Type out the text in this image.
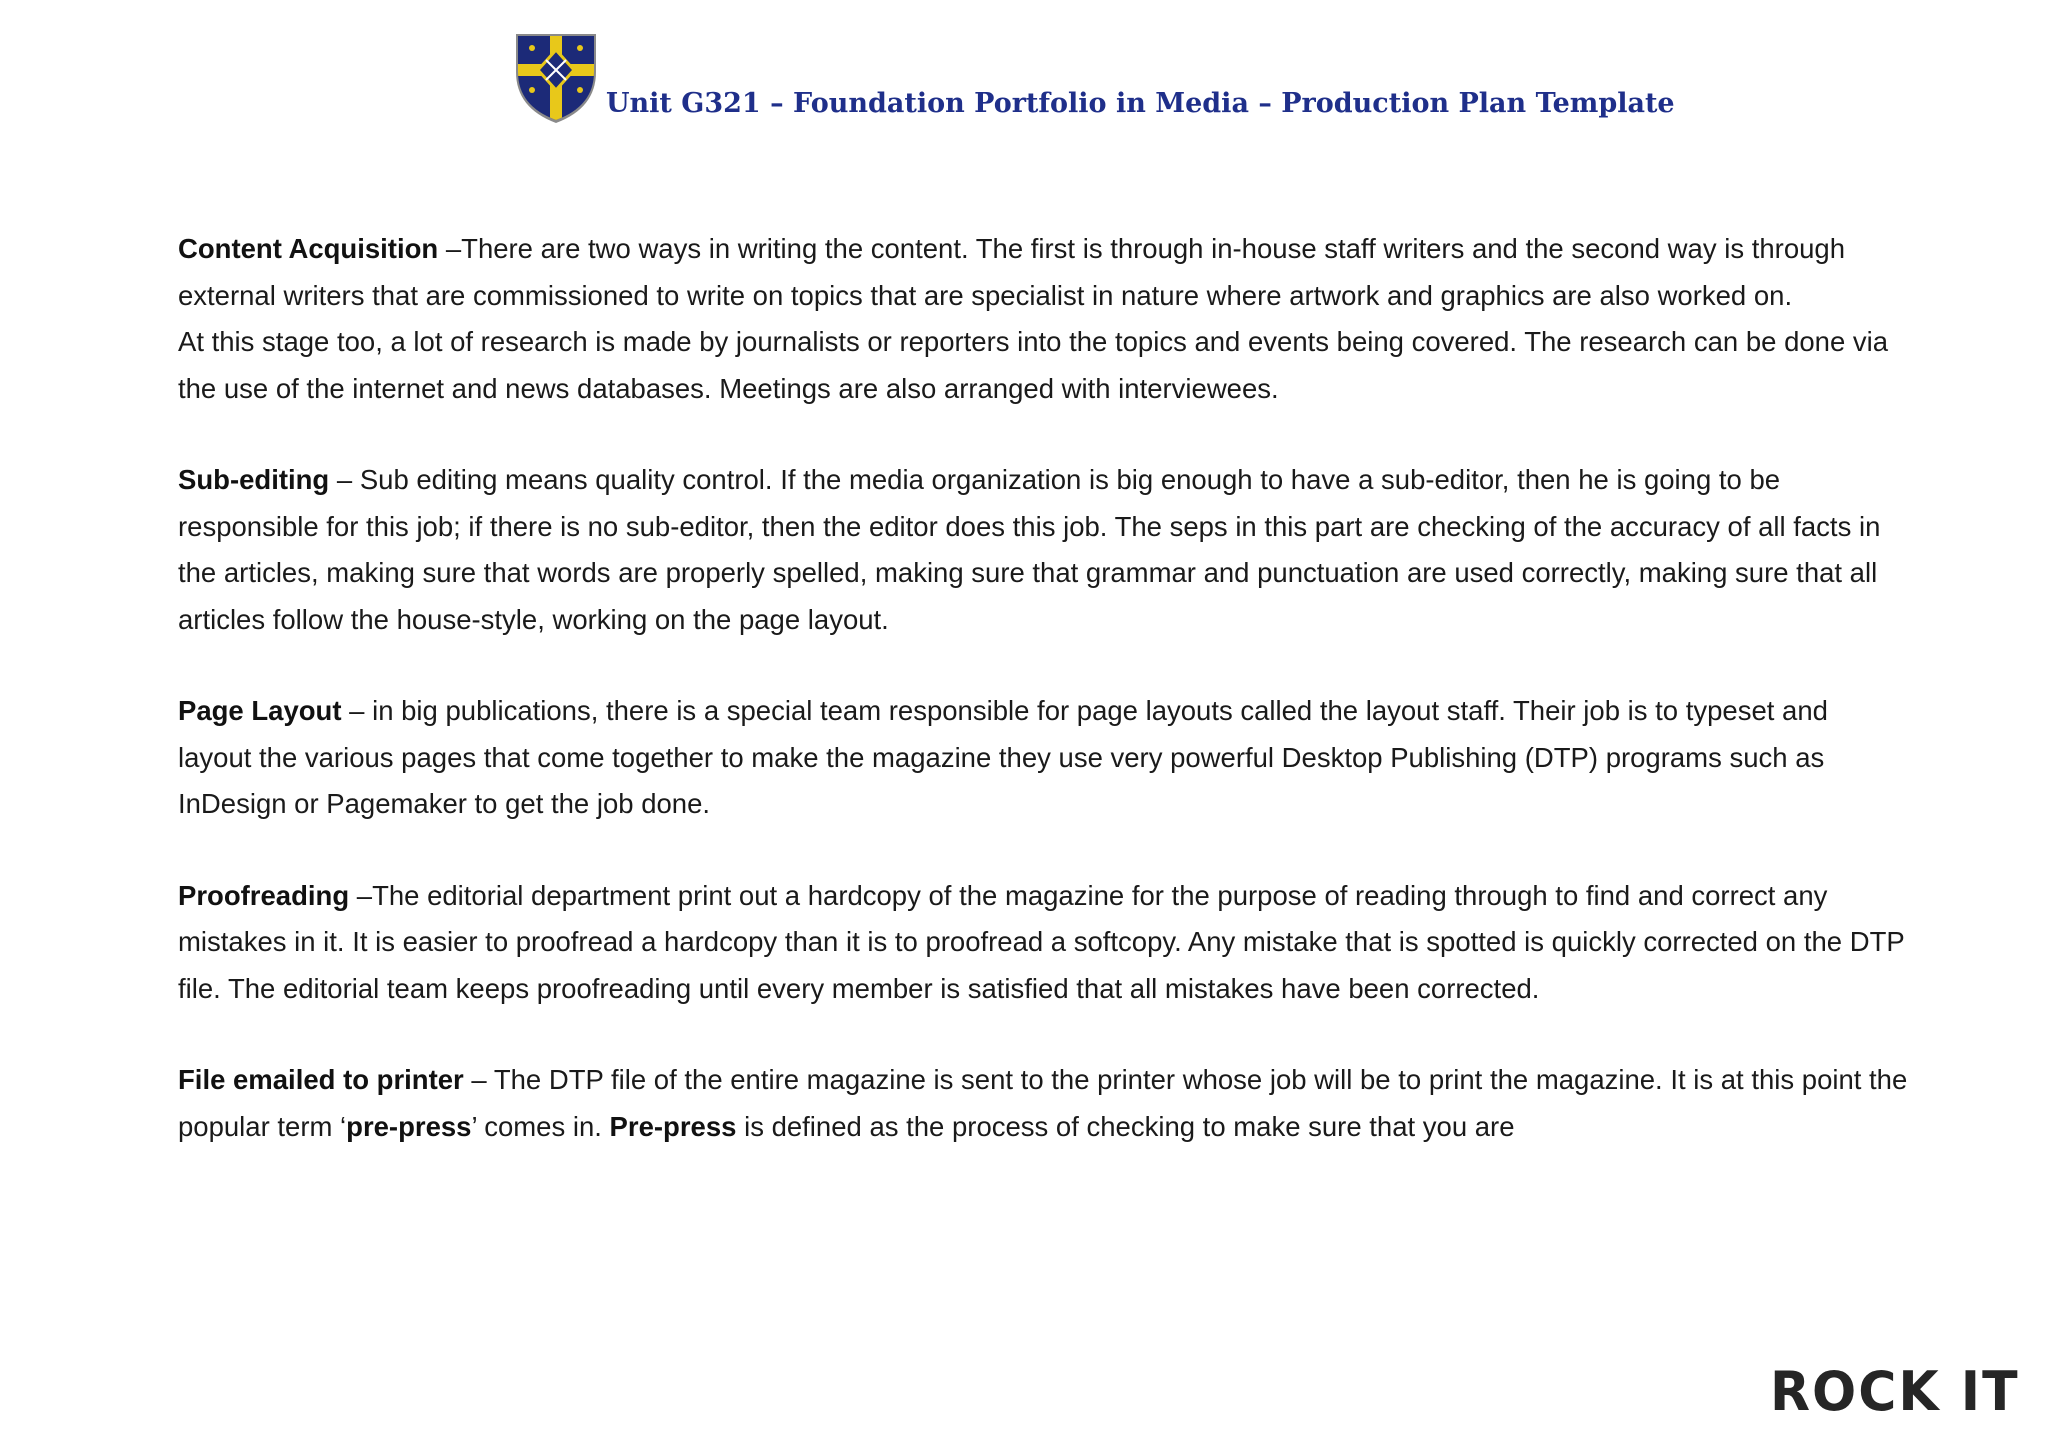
Unit G321 – Foundation Portfolio in Media – Production Plan Template

Content Acquisition –There are two ways in writing the content. The first is through in-house staff writers and the second way is through external writers that are commissioned to write on topics that are specialist in nature where artwork and graphics are also worked on.

At this stage too, a lot of research is made by journalists or reporters into the topics and events being covered. The research can be done via the use of the internet and news databases. Meetings are also arranged with interviewees.

Sub-editing – Sub editing means quality control. If the media organization is big enough to have a sub-editor, then he is going to be responsible for this job; if there is no sub-editor, then the editor does this job. The seps in this part are checking of the accuracy of all facts in the articles, making sure that words are properly spelled, making sure that grammar and punctuation are used correctly, making sure that all articles follow the house-style, working on the page layout.

Page Layout – in big publications, there is a special team responsible for page layouts called the layout staff. Their job is to typeset and layout the various pages that come together to make the magazine they use very powerful Desktop Publishing (DTP) programs such as InDesign or Pagemaker to get the job done.

Proofreading –The editorial department print out a hardcopy of the magazine for the purpose of reading through to find and correct any mistakes in it. It is easier to proofread a hardcopy than it is to proofread a softcopy. Any mistake that is spotted is quickly corrected on the DTP file. The editorial team keeps proofreading until every member is satisfied that all mistakes have been corrected.

File emailed to printer – The DTP file of the entire magazine is sent to the printer whose job will be to print the magazine. It is at this point the popular term ‘pre-press’ comes in. Pre-press is defined as the process of checking to make sure that you are

ROCK IT
